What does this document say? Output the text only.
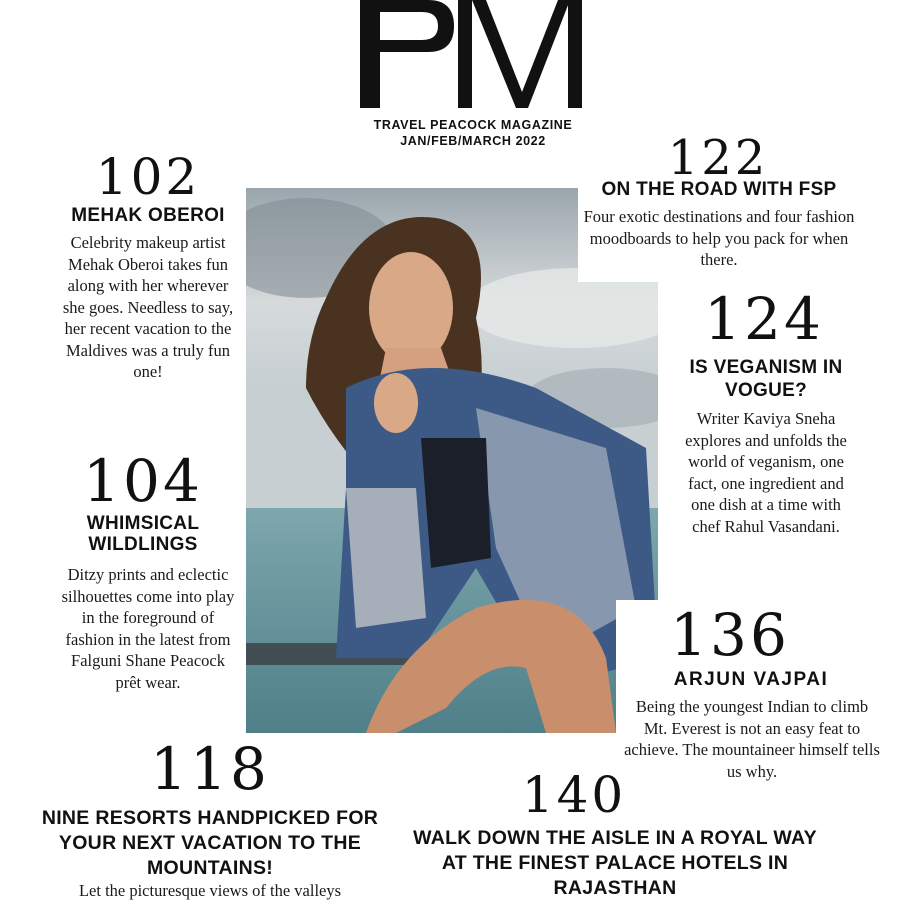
TRAVEL PEACOCK MAGAZINE
JAN/FEB/MARCH 2022
102
MEHAK OBEROI
Celebrity makeup artist Mehak Oberoi takes fun along with her wherever she goes. Needless to say, her recent vacation to the Maldives was a truly fun one!
104
WHIMSICAL WILDLINGS
Ditzy prints and eclectic silhouettes come into play in the foreground of fashion in the latest from Falguni Shane Peacock prêt wear.
118
NINE RESORTS HANDPICKED FOR YOUR NEXT VACATION TO THE MOUNTAINS!
Let the picturesque views of the valleys
122
ON THE ROAD WITH FSP
Four exotic destinations and four fashion moodboards to help you pack for when there.
124
IS VEGANISM IN VOGUE?
Writer Kaviya Sneha explores and unfolds the world of veganism, one fact, one ingredient and one dish at a time with chef Rahul Vasandani.
136
ARJUN VAJPAI
Being the youngest Indian to climb Mt. Everest is not an easy feat to achieve. The mountaineer himself tells us why.
140
WALK DOWN THE AISLE IN A ROYAL WAY AT THE FINEST PALACE HOTELS IN RAJASTHAN
